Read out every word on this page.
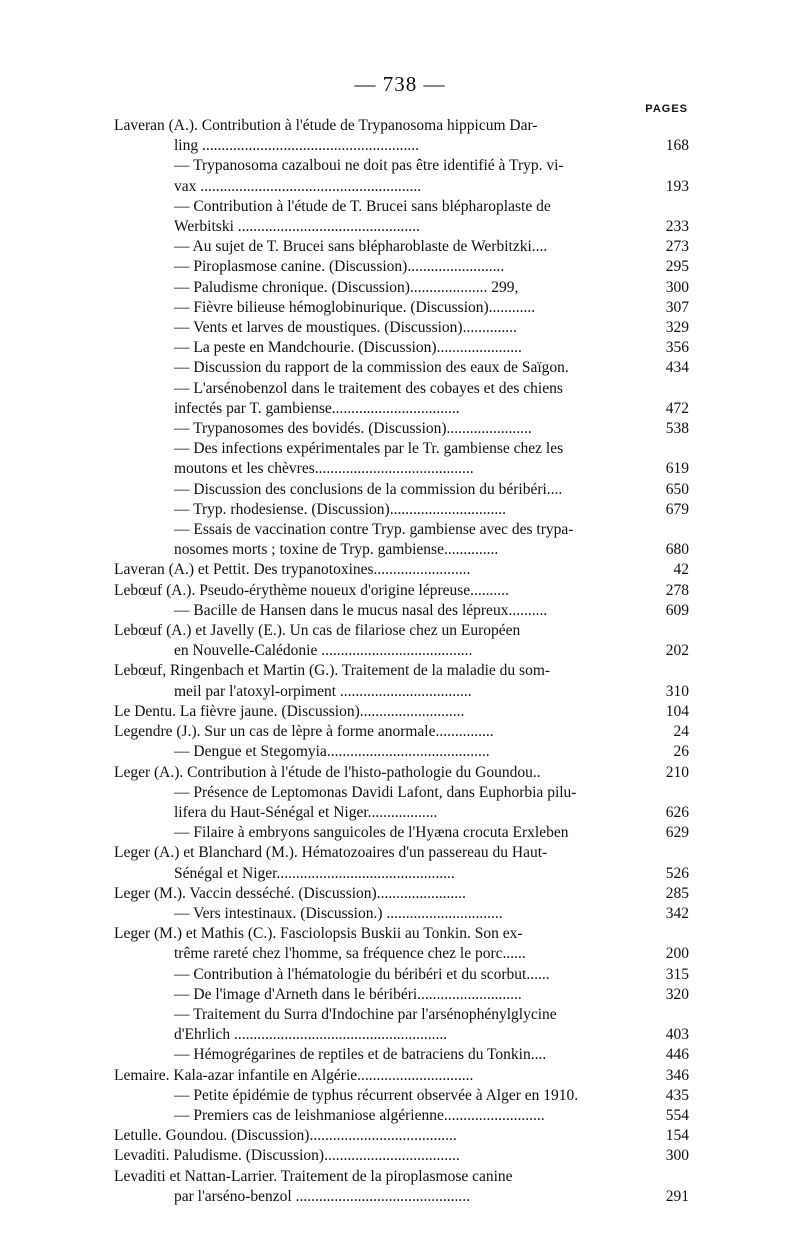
— 738 —
PAGES
Laveran (A.). Contribution à l'étude de Trypanosoma hippicum Dar-
ling ........................................................	168
— Trypanosoma cazalboui ne doit pas être identifié à Tryp. vi-
vax .........................................................	193
— Contribution à l'étude de T. Brucei sans blépharoplaste de
Werbitski ...............................................	233
— Au sujet de T. Brucei sans blépharoblaste de Werbitzki....	273
— Piroplasmose canine. (Discussion).........................	295
— Paludisme chronique. (Discussion).................... 299,	300
— Fièvre bilieuse hémoglobinurique. (Discussion)............	307
— Vents et larves de moustiques. (Discussion)..............	329
— La peste en Mandchourie. (Discussion)......................	356
— Discussion du rapport de la commission des eaux de Saïgon.	434
— L'arsénobenzol dans le traitement des cobayes et des chiens
infectés par T. gambiense.................................	472
— Trypanosomes des bovidés. (Discussion)......................	538
— Des infections expérimentales par le Tr. gambiense chez les
moutons et les chèvres.........................................	619
— Discussion des conclusions de la commission du béribéri....	650
— Tryp. rhodesiense. (Discussion)..............................	679
— Essais de vaccination contre Tryp. gambiense avec des trypa-
nosomes morts ; toxine de Tryp. gambiense..............	680
Laveran (A.) et Pettit. Des trypanotoxines.........................	42
Lebœuf (A.). Pseudo-érythème noueux d'origine lépreuse..........	278
— Bacille de Hansen dans le mucus nasal des lépreux..........	609
Lebœuf (A.) et Javelly (E.). Un cas de filariose chez un Européen
en Nouvelle-Calédonie .......................................	202
Lebœuf, Ringenbach et Martin (G.). Traitement de la maladie du som-
meil par l'atoxyl-orpiment ..................................	310
Le Dentu. La fièvre jaune. (Discussion)...........................	104
Legendre (J.). Sur un cas de lèpre à forme anormale...............	24
— Dengue et Stegomyia..........................................	26
Leger (A.). Contribution à l'étude de l'histo-pathologie du Goundou..	210
— Présence de Leptomonas Davidi Lafont, dans Euphorbia pilu-
lifera du Haut-Sénégal et Niger..................	626
— Filaire à embryons sanguicoles de l'Hyæna crocuta Erxleben	629
Leger (A.) et Blanchard (M.). Hématozoaires d'un passereau du Haut-
Sénégal et Niger..............................................	526
Leger (M.). Vaccin desséché. (Discussion).......................	285
— Vers intestinaux. (Discussion.) ..............................	342
Leger (M.) et Mathis (C.). Fasciolopsis Buskii au Tonkin. Son ex-
trême rareté chez l'homme, sa fréquence chez le porc......	200
— Contribution à l'hématologie du béribéri et du scorbut......	315
— De l'image d'Arneth dans le béribéri...........................	320
— Traitement du Surra d'Indochine par l'arsénophénylglycine
d'Ehrlich .......................................................	403
— Hémogrégarines de reptiles et de batraciens du Tonkin....	446
Lemaire. Kala-azar infantile en Algérie..............................	346
— Petite épidémie de typhus récurrent observée à Alger en 1910.	435
— Premiers cas de leishmaniose algérienne..........................	554
Letulle. Goundou. (Discussion)......................................	154
Levaditi. Paludisme. (Discussion)...................................	300
Levaditi et Nattan-Larrier. Traitement de la piroplasmose canine
par l'arséno-benzol .............................................	291
